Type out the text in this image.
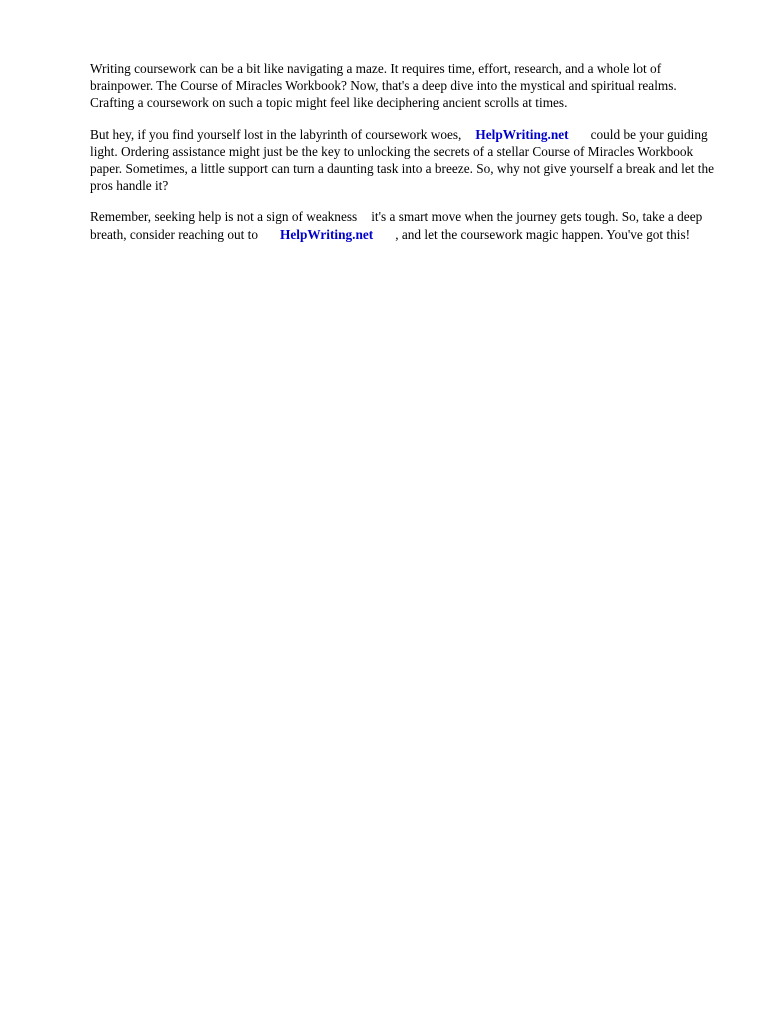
Writing coursework can be a bit like navigating a maze. It requires time, effort, research, and a whole lot of brainpower. The Course of Miracles Workbook? Now, that's a deep dive into the mystical and spiritual realms. Crafting a coursework on such a topic might feel like deciphering ancient scrolls at times.

But hey, if you find yourself lost in the labyrinth of coursework woes, HelpWriting.net could be your guiding light. Ordering assistance might just be the key to unlocking the secrets of a stellar Course of Miracles Workbook paper. Sometimes, a little support can turn a daunting task into a breeze. So, why not give yourself a break and let the pros handle it?

Remember, seeking help is not a sign of weakness it's a smart move when the journey gets tough. So, take a deep breath, consider reaching out to HelpWriting.net , and let the coursework magic happen. You've got this!
